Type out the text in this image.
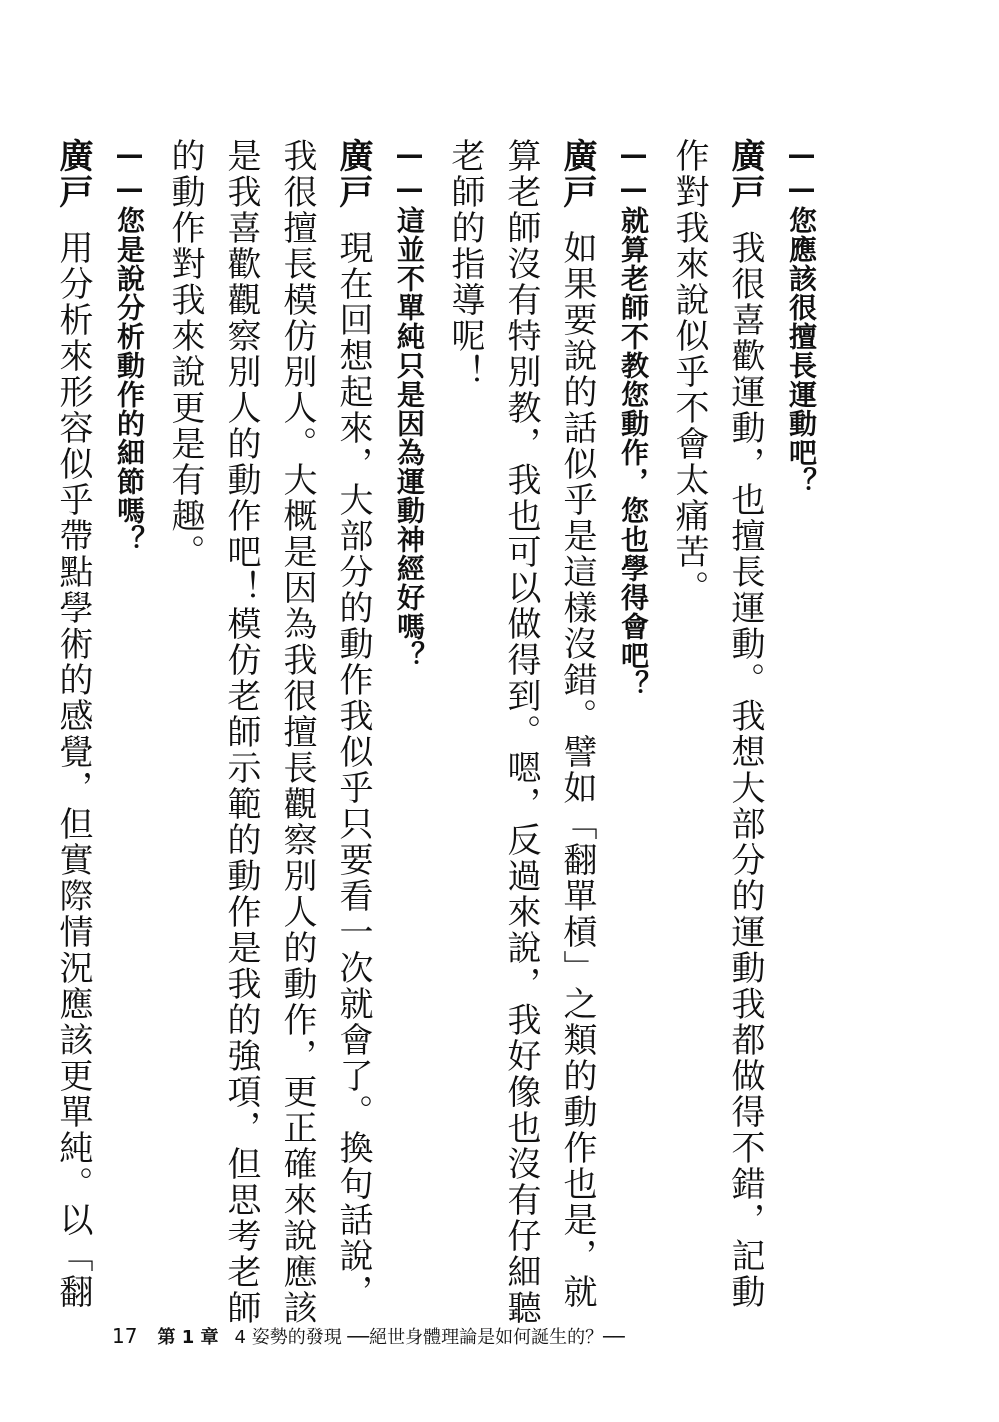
——您應該很擅長運動吧？
廣戸我很喜歡運動，也擅長運動。我想大部分的運動我都做得不錯，記動
作對我來說似乎不會太痛苦。
——就算老師不教您動作，您也學得會吧？
廣戸如果要說的話似乎是這樣沒錯。譬如「翻單槓」之類的動作也是，就
算老師沒有特別教，我也可以做得到。嗯，反過來說，我好像也沒有仔細聽
老師的指導呢！
——這並不單純只是因為運動神經好嗎？
廣戸現在回想起來，大部分的動作我似乎只要看一次就會了。換句話說，
我很擅長模仿別人。大概是因為我很擅長觀察別人的動作，更正確來說應該
是我喜歡觀察別人的動作吧！模仿老師示範的動作是我的強項，但思考老師
的動作對我來說更是有趣。
——您是說分析動作的細節嗎？
廣戸用分析來形容似乎帶點學術的感覺，但實際情況應該更單純。以「翻
17 第 1 章 4 姿勢的發現 ──絕世身體理論是如何誕生的？──
